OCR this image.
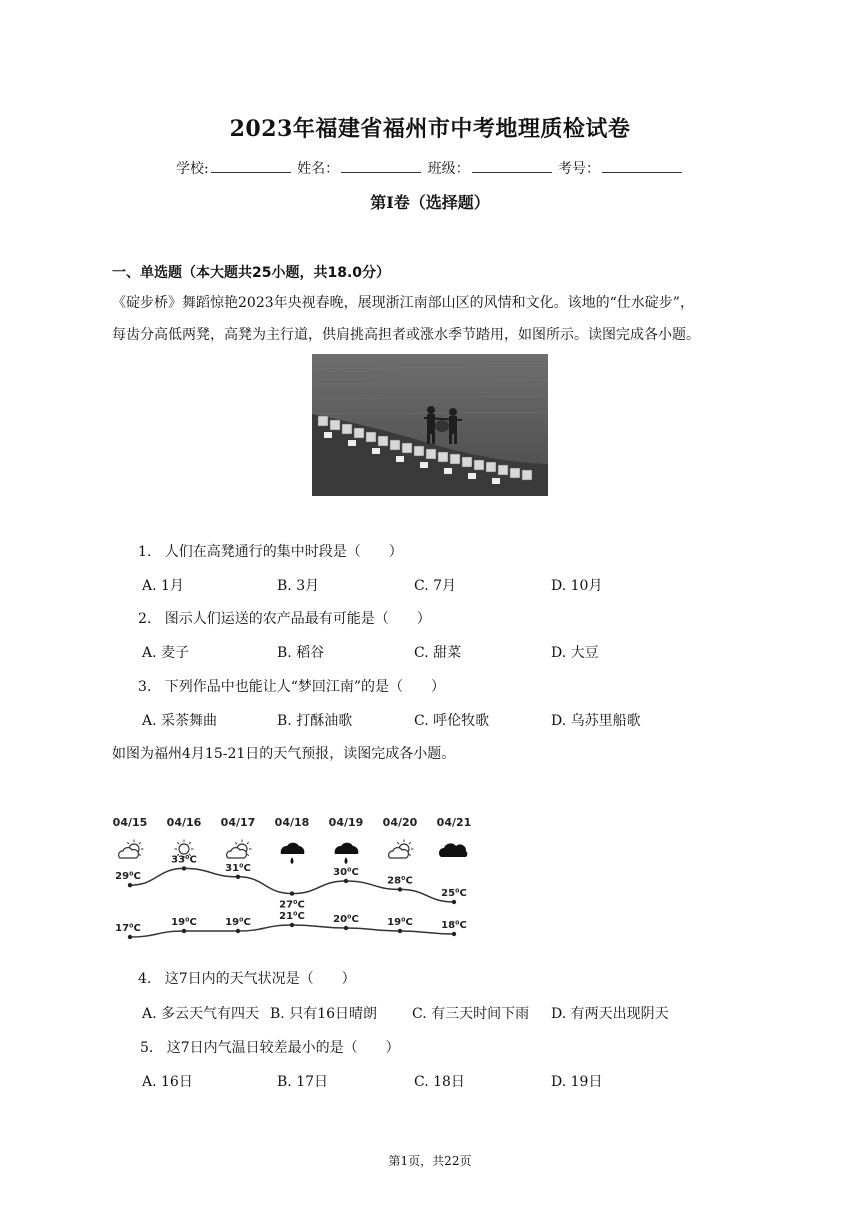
2023年福建省福州市中考地理质检试卷
学校:	姓名：	班级：	考号：
第I卷（选择题）
一、单选题（本大题共25小题，共18.0分）
《碇步桥》舞蹈惊艳2023年央视春晚，展现浙江南部山区的风情和文化。该地的“仕水碇步”，
每齿分高低两凳，高凳为主行道，供肩挑高担者或涨水季节踏用，如图所示。读图完成各小题。
1. 人们在高凳通行的集中时段是（　　）
A. 1月	B. 3月	C. 7月	D. 10月
2. 图示人们运送的农产品最有可能是（　　）
A. 麦子	B. 稻谷	C. 甜菜	D. 大豆
3. 下列作品中也能让人“梦回江南”的是（　　）
A. 采茶舞曲	B. 打酥油歌	C. 呼伦牧歌	D. 乌苏里船歌
如图为福州4月15-21日的天气预报，读图完成各小题。
04/15 04/16 04/17 04/18 04/19 04/20 04/21
29⁰C
33⁰C
31⁰C
27⁰C
30⁰C
28⁰C
25⁰C
17⁰C
19⁰C	19⁰C
21⁰C	20⁰C	19⁰C	18⁰C
4. 这7日内的天气状况是（　　）
A. 多云天气有四天 B. 只有16日晴朗 C. 有三天时间下雨 D. 有两天出现阴天
5. 这7日内气温日较差最小的是（　　）
A. 16日	B. 17日	C. 18日	D. 19日
第1页，共22页
